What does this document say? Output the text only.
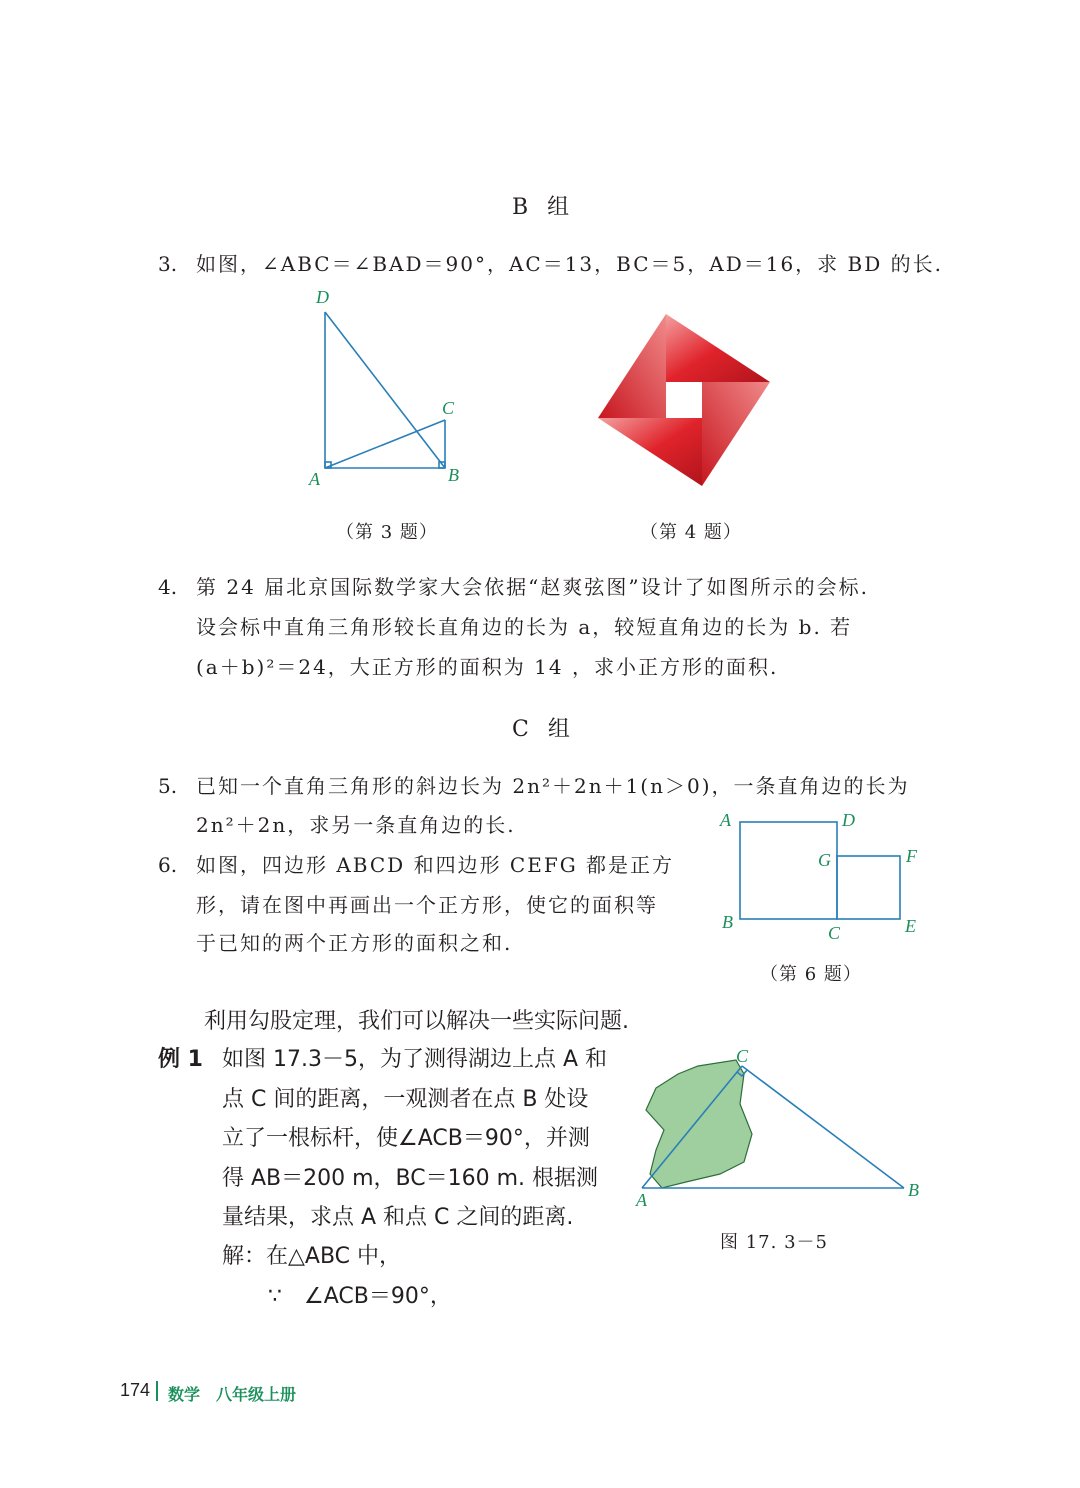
B 组
3. 如图，∠ABC＝∠BAD＝90°，AC＝13，BC＝5，AD＝16，求 BD 的长.
D
C
A	B
（第 3 题）	（第 4 题）
4. 第 24 届北京国际数学家大会依据“赵爽弦图”设计了如图所示的会标.
设会标中直角三角形较长直角边的长为 a，较短直角边的长为 b. 若
(a＋b)²＝24，大正方形的面积为 14 ，求小正方形的面积.
C 组
5. 已知一个直角三角形的斜边长为 2n²＋2n＋1(n＞0)，一条直角边的长为
2n²＋2n，求另一条直角边的长.
6. 如图，四边形 ABCD 和四边形 CEFG 都是正方
形，请在图中再画出一个正方形，使它的面积等
于已知的两个正方形的面积之和.
A	D
G	F
B
C	E
（第 6 题）
利用勾股定理，我们可以解决一些实际问题.
例 1 如图 17.3－5，为了测得湖边上点 A 和
点 C 间的距离，一观测者在点 B 处设
立了一根标杆，使∠ACB＝90°，并测
得 AB＝200 m，BC＝160 m. 根据测
量结果，求点 A 和点 C 之间的距离.
解：在△ABC 中，
∵　∠ACB＝90°，
C
A	B
图 17. 3－5
174 数学　八年级上册
